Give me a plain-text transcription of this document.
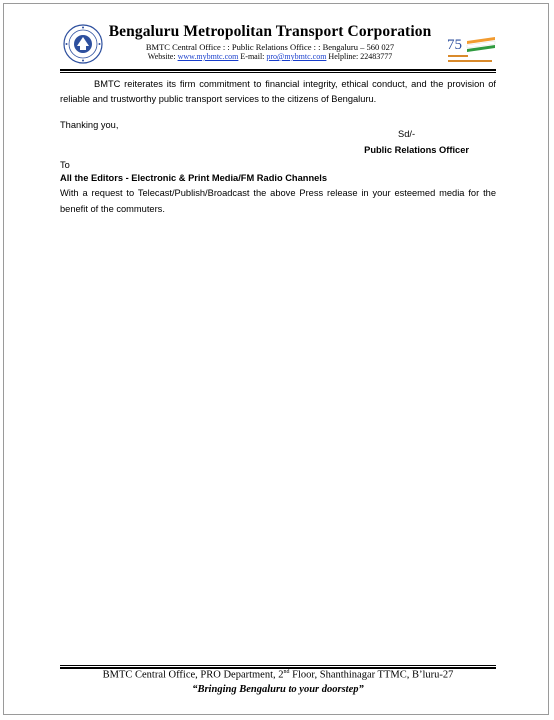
Bengaluru Metropolitan Transport Corporation
BMTC Central Office : : Public Relations Office : : Bengaluru – 560 027
Website: www.mybmtc.com E-mail: pro@mybmtc.com Helpline: 22483777
75
BMTC reiterates its firm commitment to financial integrity, ethical conduct, and the provision of reliable and trustworthy public transport services to the citizens of Bengaluru.
Thanking you,
Sd/-
Public Relations Officer
To
All the Editors - Electronic & Print Media/FM Radio Channels
With a request to Telecast/Publish/Broadcast the above Press release in your esteemed media for the benefit of the commuters.
BMTC Central Office, PRO Department, 2nd Floor, Shanthinagar TTMC, B’luru-27
“Bringing Bengaluru to your doorstep”
